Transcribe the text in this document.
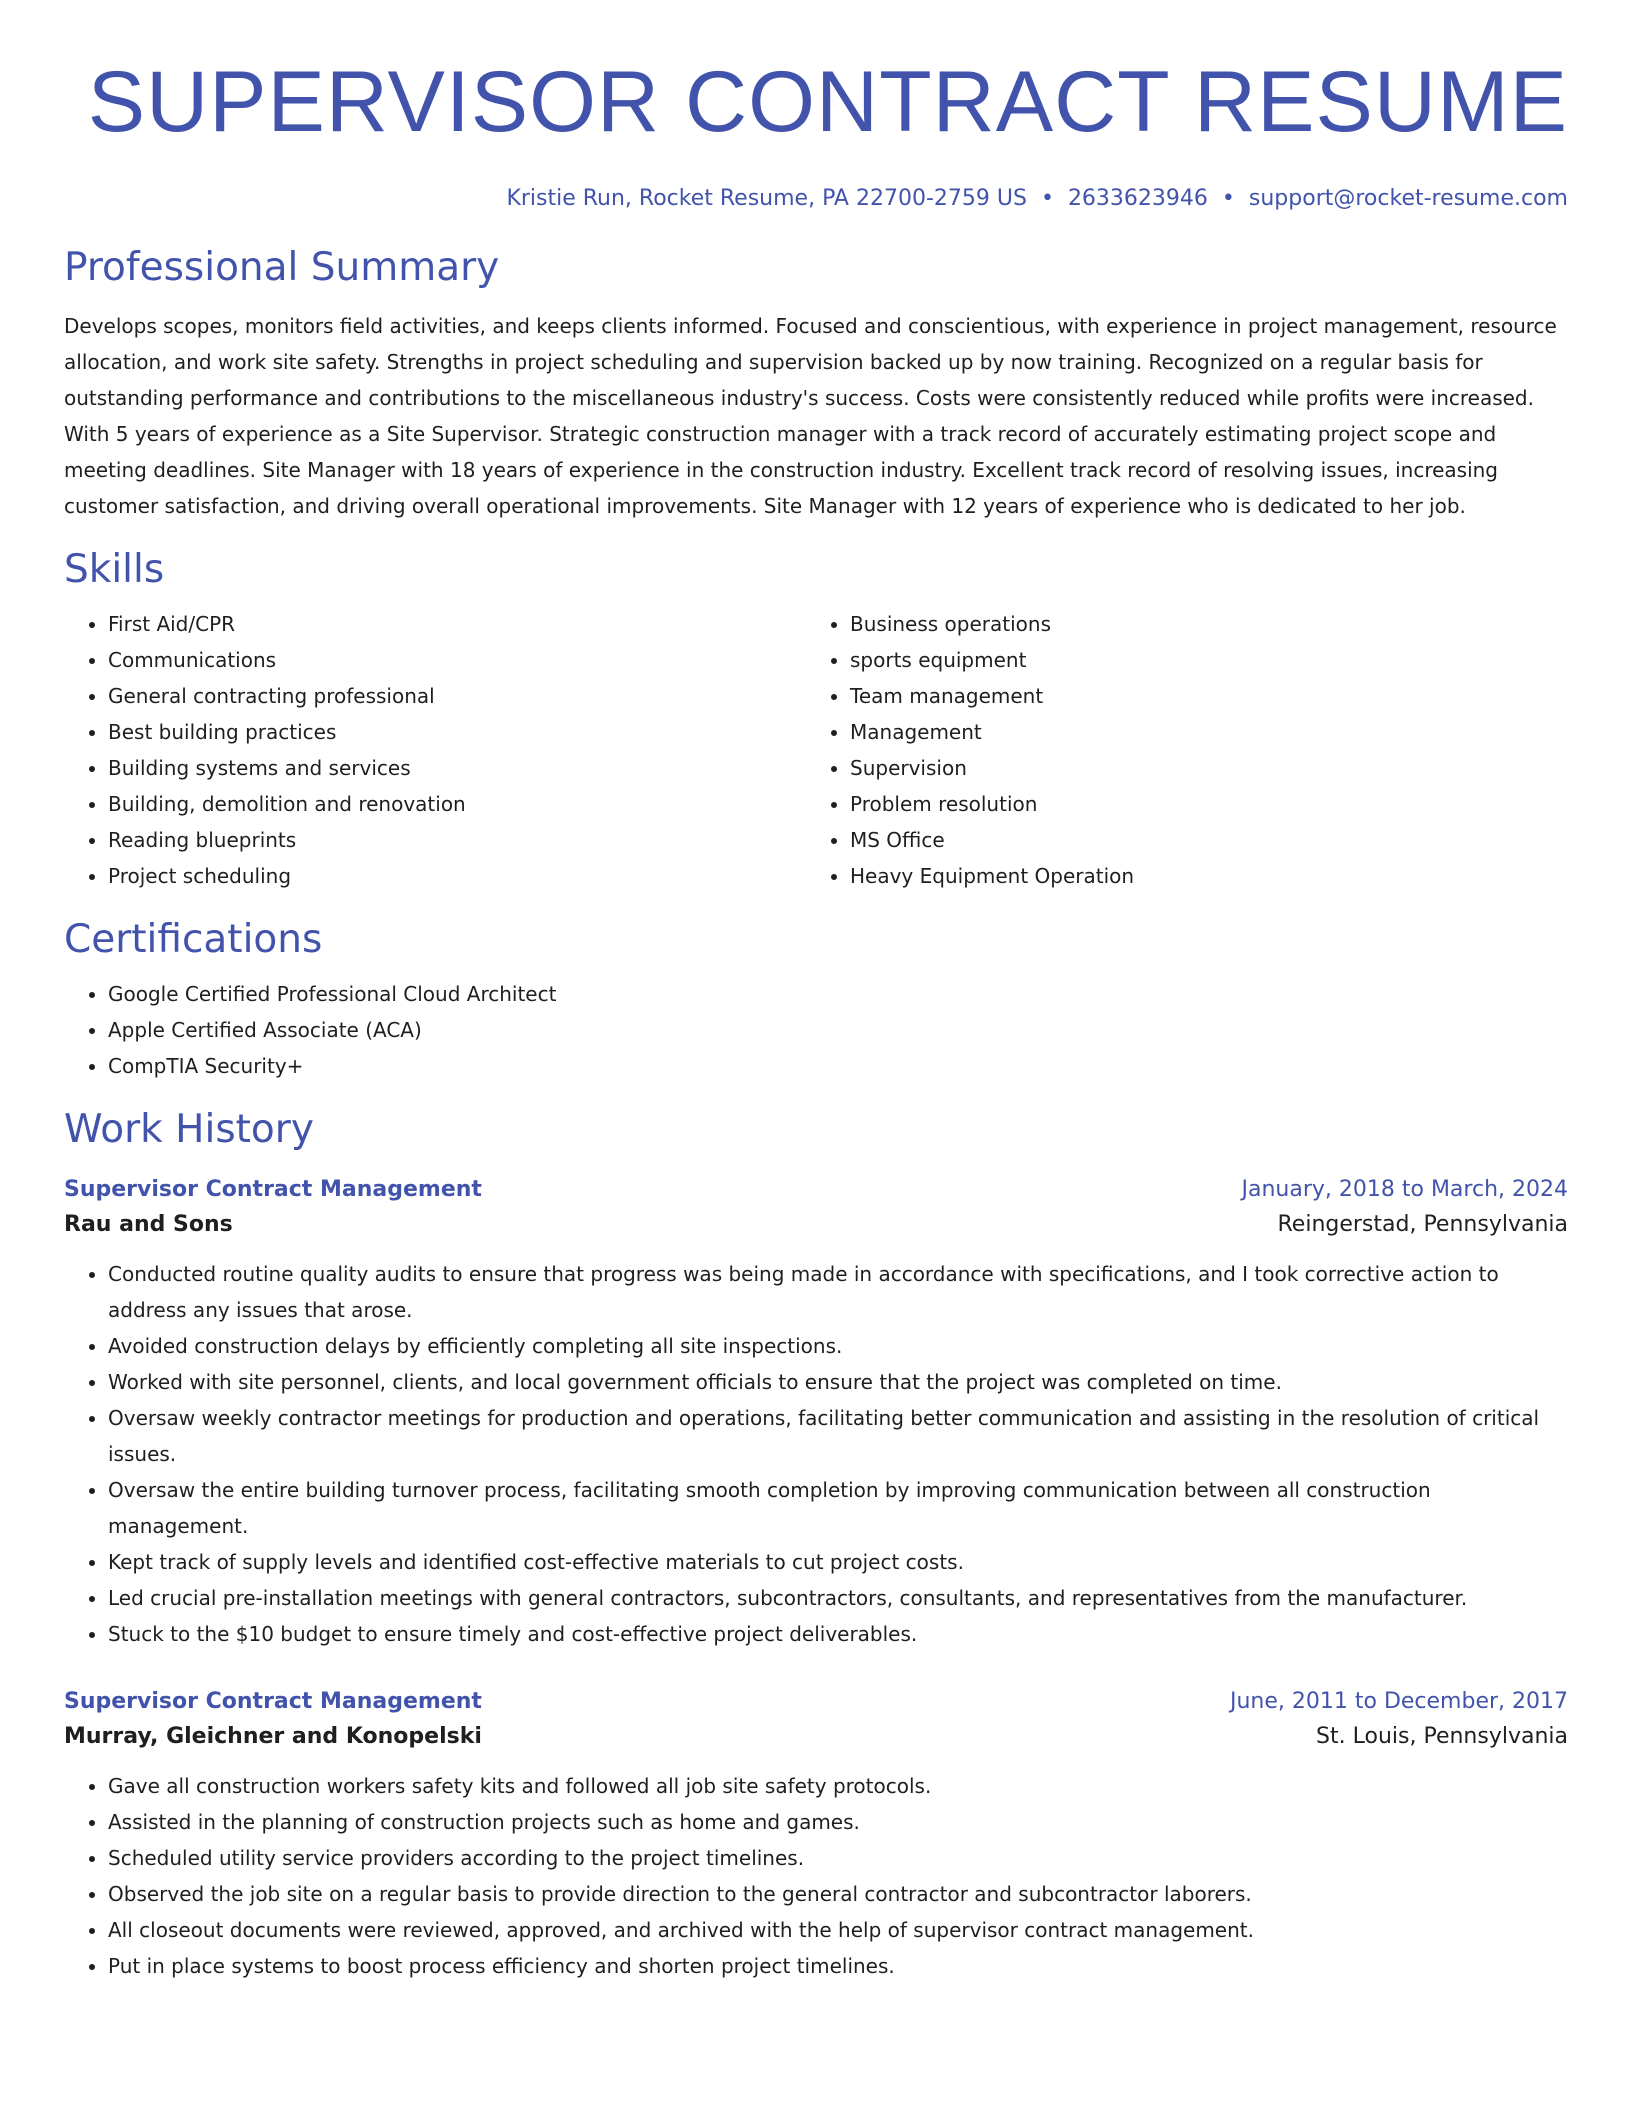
SUPERVISOR CONTRACT RESUME
Kristie Run, Rocket Resume, PA 22700-2759 US • 2633623946 • support@rocket-resume.com
Professional Summary
Develops scopes, monitors field activities, and keeps clients informed. Focused and conscientious, with experience in project management, resource allocation, and work site safety. Strengths in project scheduling and supervision backed up by now training. Recognized on a regular basis for outstanding performance and contributions to the miscellaneous industry's success. Costs were consistently reduced while profits were increased. With 5 years of experience as a Site Supervisor. Strategic construction manager with a track record of accurately estimating project scope and meeting deadlines. Site Manager with 18 years of experience in the construction industry. Excellent track record of resolving issues, increasing customer satisfaction, and driving overall operational improvements. Site Manager with 12 years of experience who is dedicated to her job.
Skills
• First Aid/CPR
• Communications
• General contracting professional
• Best building practices
• Building systems and services
• Building, demolition and renovation
• Reading blueprints
• Project scheduling
• Business operations
• sports equipment
• Team management
• Management
• Supervision
• Problem resolution
• MS Office
• Heavy Equipment Operation
Certifications
• Google Certified Professional Cloud Architect
• Apple Certified Associate (ACA)
• CompTIA Security+
Work History
Supervisor Contract Management	January, 2018 to March, 2024
Rau and Sons	Reingerstad, Pennsylvania
• Conducted routine quality audits to ensure that progress was being made in accordance with specifications, and I took corrective action to address any issues that arose.
• Avoided construction delays by efficiently completing all site inspections.
• Worked with site personnel, clients, and local government officials to ensure that the project was completed on time.
• Oversaw weekly contractor meetings for production and operations, facilitating better communication and assisting in the resolution of critical issues.
• Oversaw the entire building turnover process, facilitating smooth completion by improving communication between all construction management.
• Kept track of supply levels and identified cost-effective materials to cut project costs.
• Led crucial pre-installation meetings with general contractors, subcontractors, consultants, and representatives from the manufacturer.
• Stuck to the $10 budget to ensure timely and cost-effective project deliverables.
Supervisor Contract Management	June, 2011 to December, 2017
Murray, Gleichner and Konopelski	St. Louis, Pennsylvania
• Gave all construction workers safety kits and followed all job site safety protocols.
• Assisted in the planning of construction projects such as home and games.
• Scheduled utility service providers according to the project timelines.
• Observed the job site on a regular basis to provide direction to the general contractor and subcontractor laborers.
• All closeout documents were reviewed, approved, and archived with the help of supervisor contract management.
• Put in place systems to boost process efficiency and shorten project timelines.
